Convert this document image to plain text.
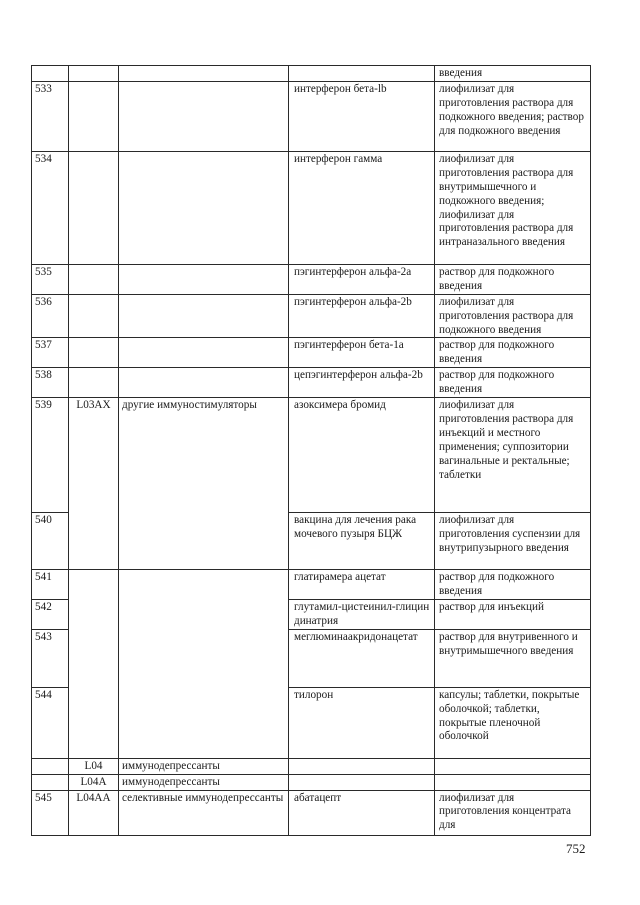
				введения
533			интерферон бета-lb	лиофилизат для приготовления раствора для подкожного введения; раствор для подкожного введения
534			интерферон гамма	лиофилизат для приготовления раствора для внутримышечного и подкожного введения; лиофилизат для приготовления раствора для интраназального введения
535			пэгинтерферон альфа-2а	раствор для подкожного введения
536			пэгинтерферон альфа-2b	лиофилизат для приготовления раствора для подкожного введения
537			пэгинтерферон бета-1а	раствор для подкожного введения
538			цепэгинтерферон альфа-2b	раствор для подкожного введения
539	L03AX	другие иммуностимуляторы	азоксимера бромид	лиофилизат для приготовления раствора для инъекций и местного применения; суппозитории вагинальные и ректальные; таблетки
540			вакцина для лечения рака мочевого пузыря БЦЖ	лиофилизат для приготовления суспензии для внутрипузырного введения
541			глатирамера ацетат	раствор для подкожного введения
542			глутамил-цистеинил-глицин динатрия	раствор для инъекций
543			меглюминаакридонацетат	раствор для внутривенного и внутримышечного введения
544			тилорон	капсулы; таблетки, покрытые оболочкой; таблетки, покрытые пленочной оболочкой
	L04	иммунодепрессанты		
	L04A	иммунодепрессанты		
545	L04AA	селективные иммунодепрессанты	абатацепт	лиофилизат для приготовления концентрата для
752
